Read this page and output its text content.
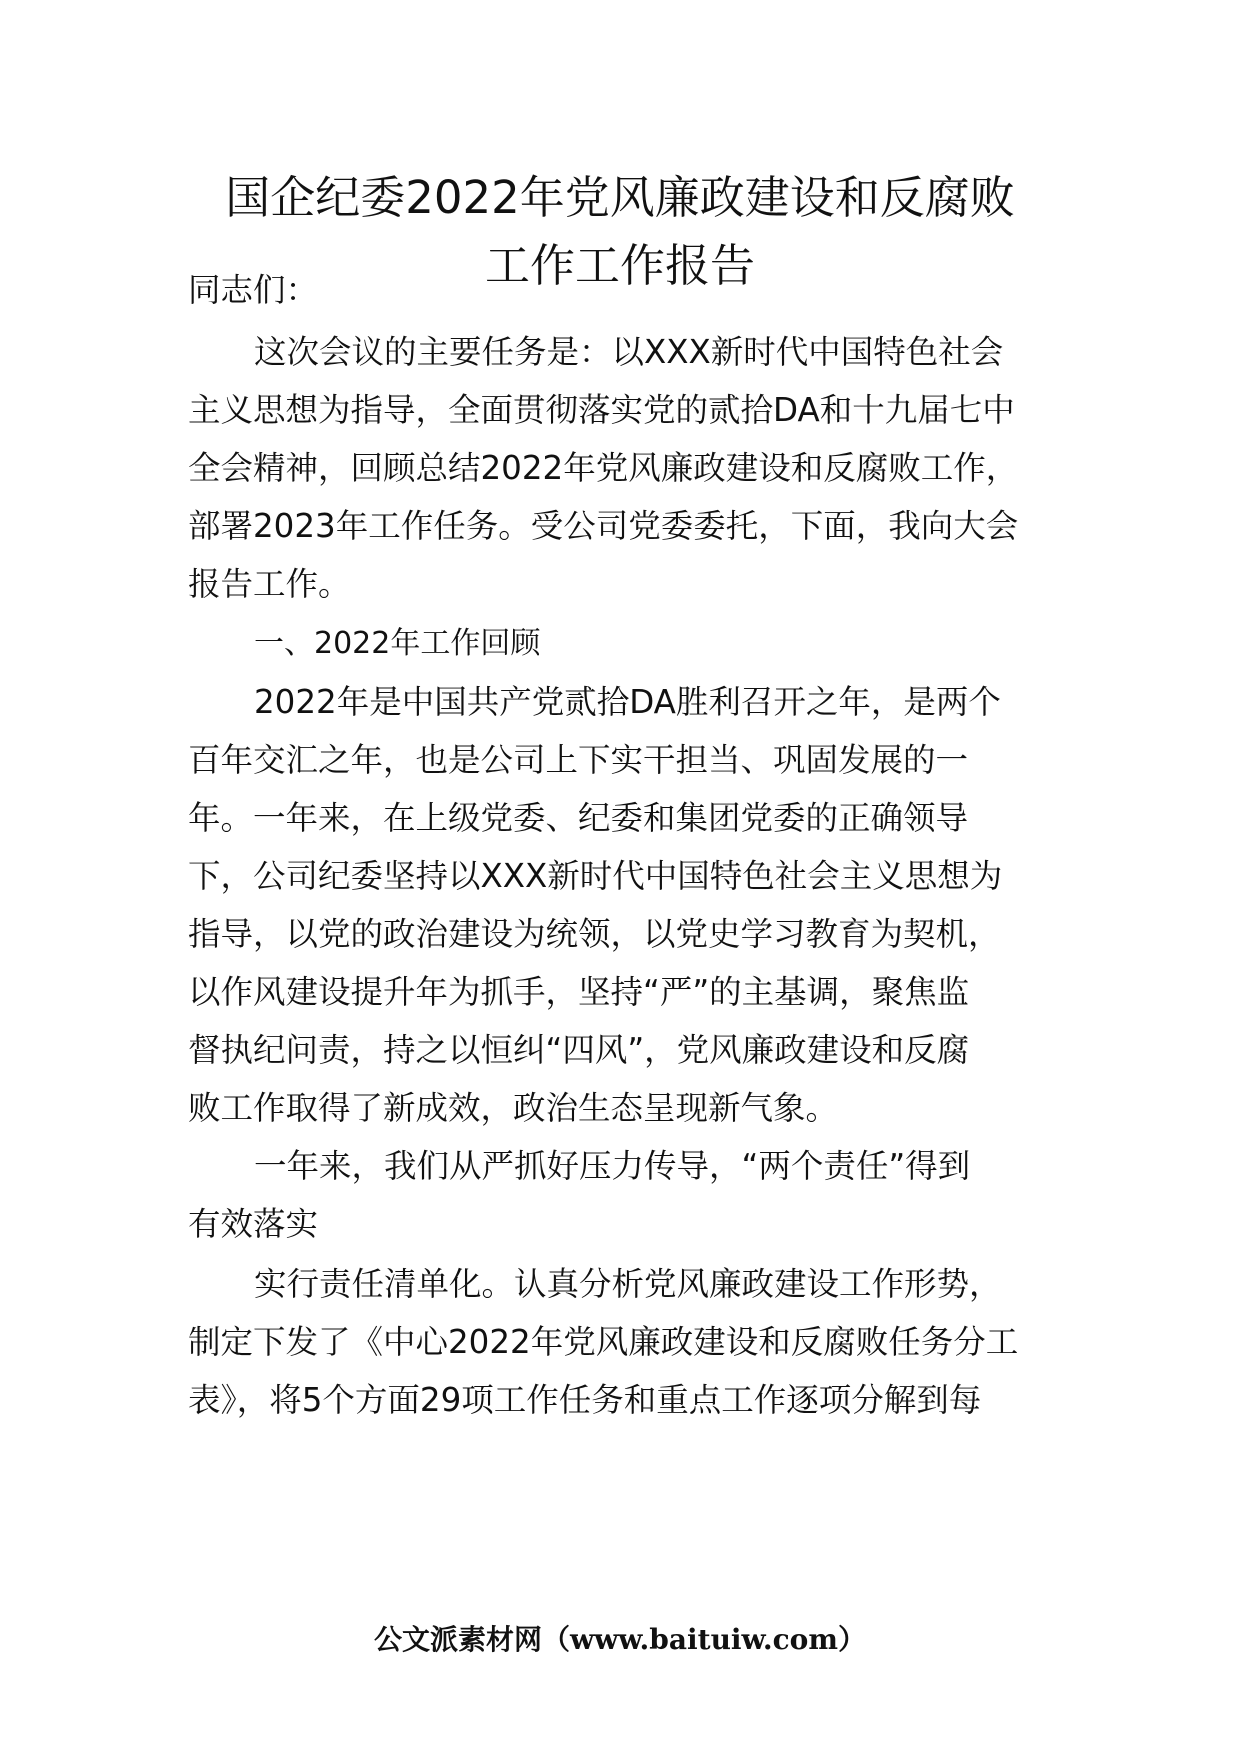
国企纪委2022年党风廉政建设和反腐败
工作工作报告

同志们：

这次会议的主要任务是：以XXX新时代中国特色社会

主义思想为指导，全面贯彻落实党的贰拾DA和十九届七中

全会精神，回顾总结2022年党风廉政建设和反腐败工作，

部署2023年工作任务。受公司党委委托，下面，我向大会

报告工作。

一、2022年工作回顾

2022年是中国共产党贰拾DA胜利召开之年，是两个

百年交汇之年，也是公司上下实干担当、巩固发展的一

年。一年来，在上级党委、纪委和集团党委的正确领导

下，公司纪委坚持以XXX新时代中国特色社会主义思想为

指导，以党的政治建设为统领，以党史学习教育为契机，

以作风建设提升年为抓手，坚持“严”的主基调，聚焦监

督执纪问责，持之以恒纠“四风”，党风廉政建设和反腐

败工作取得了新成效，政治生态呈现新气象。

一年来，我们从严抓好压力传导，“两个责任”得到

有效落实

实行责任清单化。认真分析党风廉政建设工作形势，

制定下发了《中心2022年党风廉政建设和反腐败任务分工

表》，将5个方面29项工作任务和重点工作逐项分解到每

公文派素材网（www.baituiw.com）
